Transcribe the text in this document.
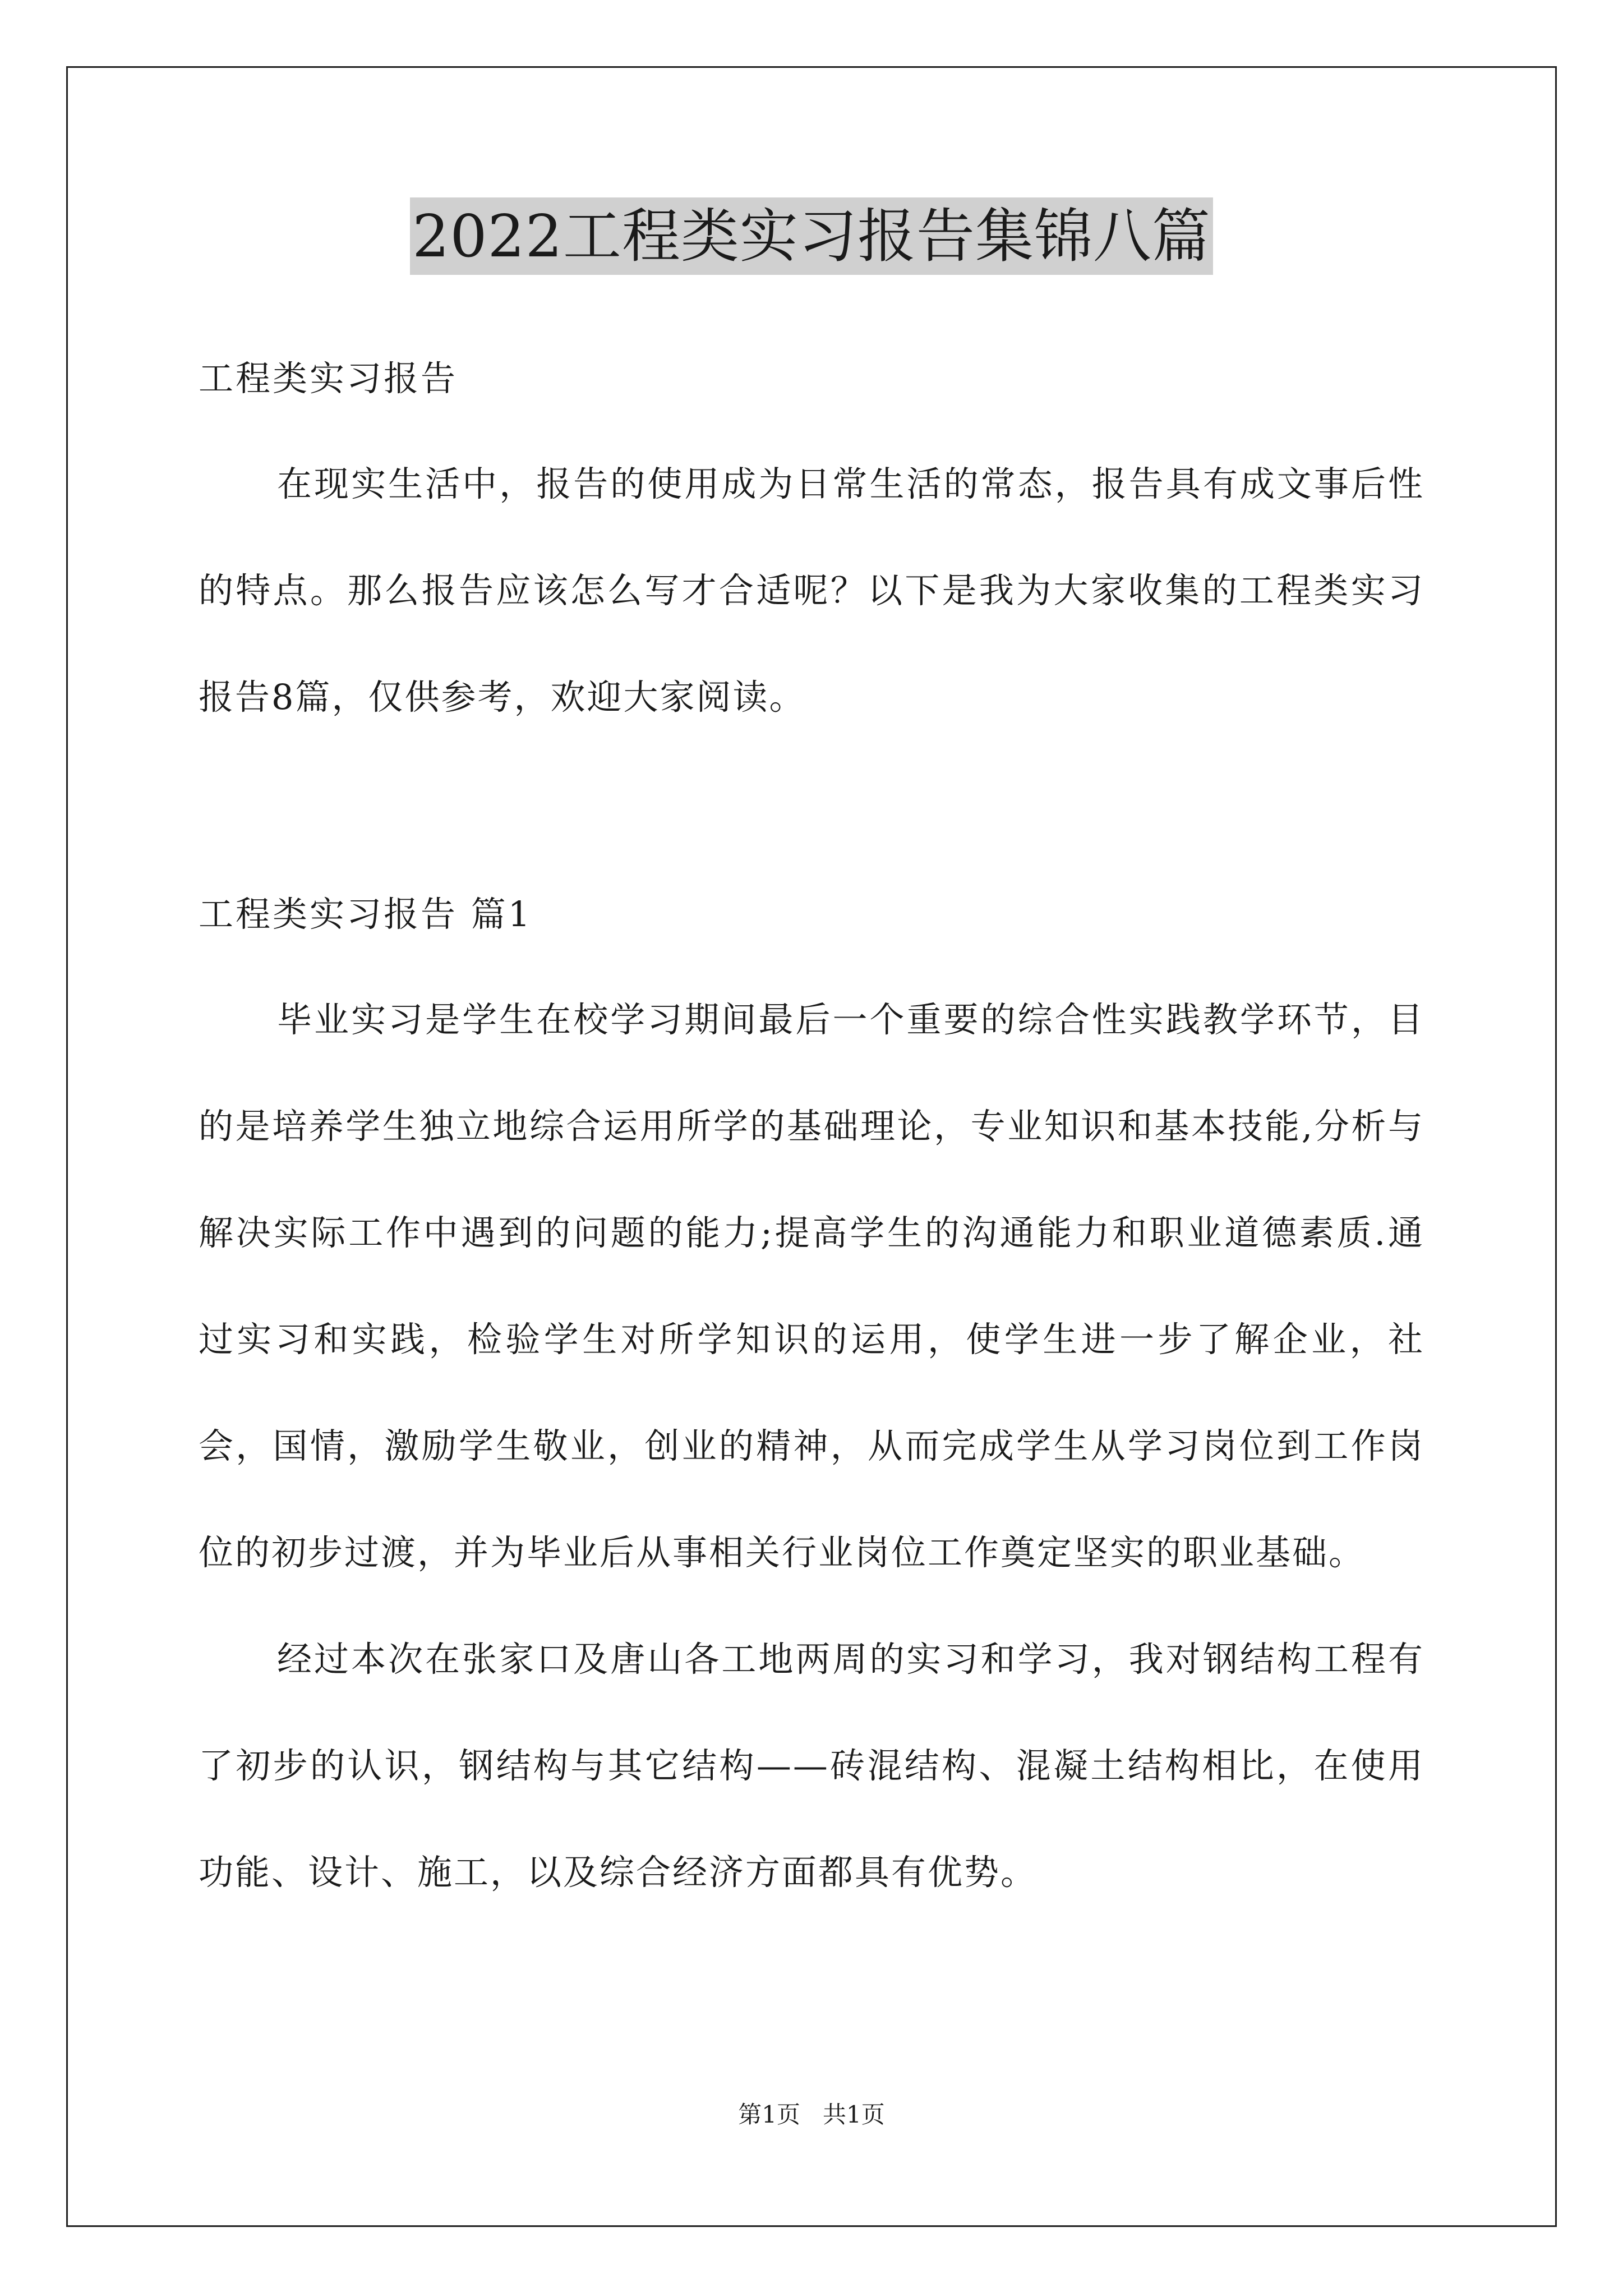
2022工程类实习报告集锦八篇
工程类实习报告

在现实生活中，报告的使用成为日常生活的常态，报告具有成文事后性的特点。那么报告应该怎么写才合适呢？以下是我为大家收集的工程类实习报告8篇，仅供参考，欢迎大家阅读。

工程类实习报告 篇1

毕业实习是学生在校学习期间最后一个重要的综合性实践教学环节，目的是培养学生独立地综合运用所学的基础理论，专业知识和基本技能,分析与解决实际工作中遇到的问题的能力;提高学生的沟通能力和职业道德素质.通过实习和实践，检验学生对所学知识的运用，使学生进一步了解企业，社会，国情，激励学生敬业，创业的精神，从而完成学生从学习岗位到工作岗位的初步过渡，并为毕业后从事相关行业岗位工作奠定坚实的职业基础。

经过本次在张家口及唐山各工地两周的实习和学习，我对钢结构工程有了初步的认识，钢结构与其它结构——砖混结构、混凝土结构相比，在使用功能、设计、施工，以及综合经济方面都具有优势。

第1页   共1页
